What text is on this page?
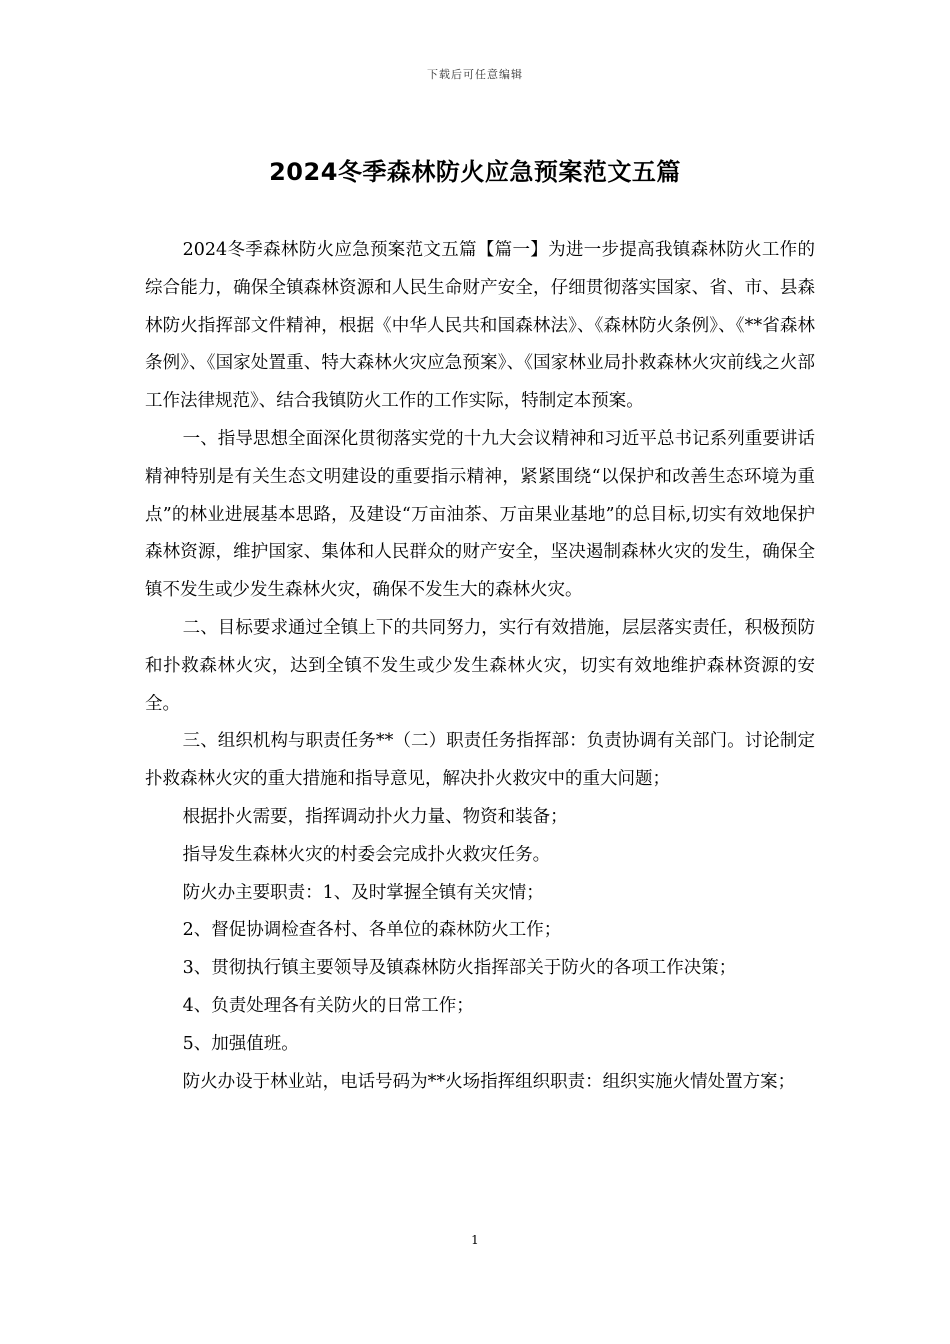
下载后可任意编辑
2024冬季森林防火应急预案范文五篇

2024冬季森林防火应急预案范文五篇【篇一】为进一步提高我镇森林防火工作的综合能力，确保全镇森林资源和人民生命财产安全，仔细贯彻落实国家、省、市、县森林防火指挥部文件精神，根据《中华人民共和国森林法》、《森林防火条例》、《**省森林条例》、《国家处置重、特大森林火灾应急预案》、《国家林业局扑救森林火灾前线之火部工作法律规范》、结合我镇防火工作的工作实际，特制定本预案。

一、指导思想全面深化贯彻落实党的十九大会议精神和习近平总书记系列重要讲话精神特别是有关生态文明建设的重要指示精神，紧紧围绕“以保护和改善生态环境为重点”的林业进展基本思路，及建设“万亩油茶、万亩果业基地”的总目标,切实有效地保护森林资源，维护国家、集体和人民群众的财产安全，坚决遏制森林火灾的发生，确保全镇不发生或少发生森林火灾，确保不发生大的森林火灾。

二、目标要求通过全镇上下的共同努力，实行有效措施，层层落实责任，积极预防和扑救森林火灾，达到全镇不发生或少发生森林火灾，切实有效地维护森林资源的安全。

三、组织机构与职责任务**（二）职责任务指挥部：负责协调有关部门。讨论制定扑救森林火灾的重大措施和指导意见，解决扑火救灾中的重大问题；

根据扑火需要，指挥调动扑火力量、物资和装备；

指导发生森林火灾的村委会完成扑火救灾任务。

防火办主要职责：1、及时掌握全镇有关灾情；

2、督促协调检查各村、各单位的森林防火工作；

3、贯彻执行镇主要领导及镇森林防火指挥部关于防火的各项工作决策；

4、负责处理各有关防火的日常工作；

5、加强值班。

防火办设于林业站，电话号码为**火场指挥组织职责：组织实施火情处置方案；

1
